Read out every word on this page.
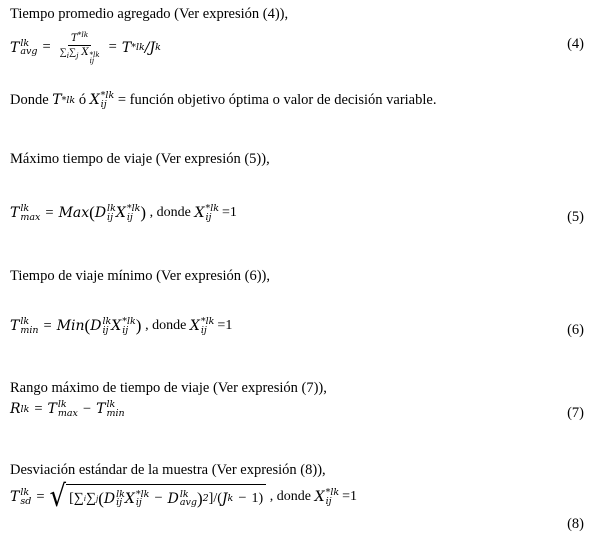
Tiempo promedio agregado (Ver expresión (4)),
T lk
avg = $T^{*lk}$
$\sum_i\sum_j$ X *lk
ij = T *lk /J k	(4)
Donde
T *lk
ó
X *lk
ij
= función objetivo óptima o valor de decisión variable.
Máximo tiempo de viaje (Ver expresión (5)),
T lk
max = Max ( D lk
ij X *lk
ij )
, donde
X *lk
ij =1	(5)
Tiempo de viaje mínimo (Ver expresión (6)),
T lk
min = Min ( D lk
ij X *lk
ij )
, donde
X *lk
ij =1	(6)
Rango máximo de tiempo de viaje (Ver expresión (7)),
R lk = T lk
max − T lk
min	(7)
Desviación estándar de la muestra (Ver expresión (8)),
T lk
sd = √ [∑ i ∑ j ( D lk
ij X *lk
ij − D lk
avg ) 2 ]/( J k − 1)
, donde
X *lk
ij =1
(8)
